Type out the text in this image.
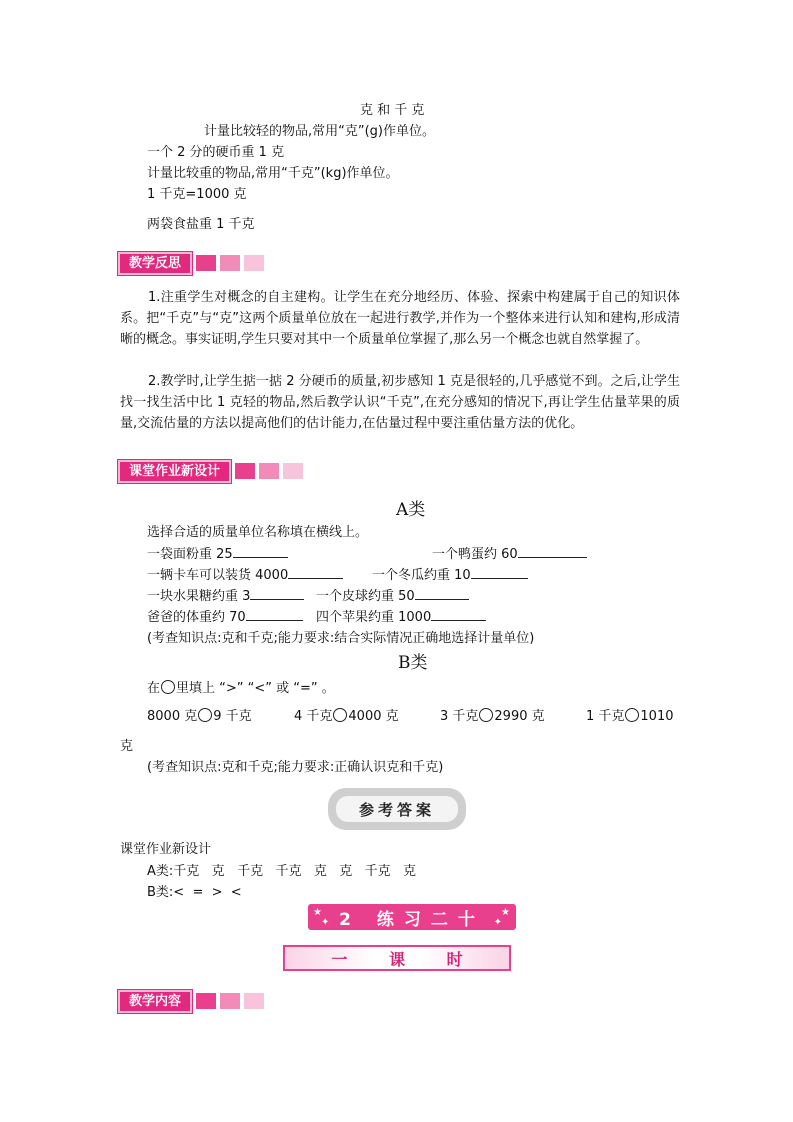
克 和 千 克
计量比较轻的物品,常用“克”(g)作单位。
一个 2 分的硬币重 1 克
计量比较重的物品,常用“千克”(kg)作单位。
1 千克=1000 克
两袋食盐重 1 千克
教学反思
1.注重学生对概念的自主建构。让学生在充分地经历、体验、探索中构建属于自己的知识体系。把“千克”与“克”这两个质量单位放在一起进行教学,并作为一个整体来进行认知和建构,形成清晰的概念。事实证明,学生只要对其中一个质量单位掌握了,那么另一个概念也就自然掌握了。
2.教学时,让学生掂一掂 2 分硬币的质量,初步感知 1 克是很轻的,几乎感觉不到。之后,让学生找一找生活中比 1 克轻的物品,然后教学认识“千克”,在充分感知的情况下,再让学生估量苹果的质量,交流估量的方法以提高他们的估计能力,在估量过程中要注重估量方法的优化。
课堂作业新设计
A类
选择合适的质量单位名称填在横线上。
一袋面粉重 25	一个鸭蛋约 60
一辆卡车可以装货 4000	一个冬瓜约重 10
一块水果糖约重 3	一个皮球约重 50
爸爸的体重约 70	四个苹果约重 1000
(考查知识点:克和千克;能力要求:结合实际情况正确地选择计量单位)
B类
在 里填上 “>” “<” 或 “=” 。
8000 克 9 千克	4 千克 4000 克	3 千克 2990 克	1 千克 1010
克
(考查知识点:克和千克;能力要求:正确认识克和千克)
参考答案
课堂作业新设计
A类:千克   克   千克   千克   克   克   千克   克
B类:<  =  >  <
★
✦
★
✦
2 练习二十
一 课 时
教学内容
